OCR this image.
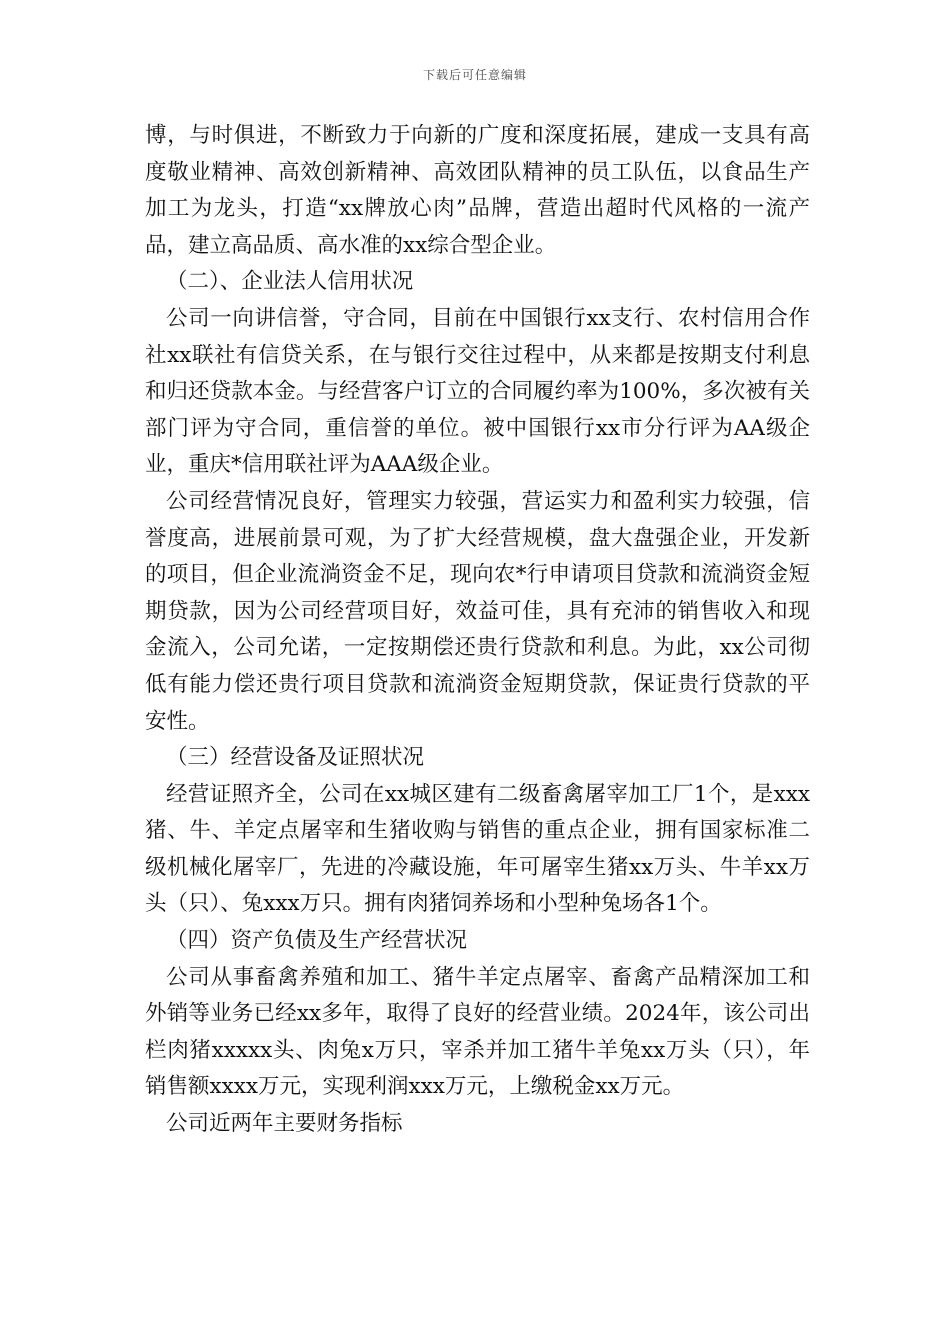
下载后可任意编辑

博，与时俱进，不断致力于向新的广度和深度拓展，建成一支具有高度敬业精神、高效创新精神、高效团队精神的员工队伍，以食品生产加工为龙头，打造“xx牌放心肉”品牌，营造出超时代风格的一流产品，建立高品质、高水准的xx综合型企业。

（二）、企业法人信用状况

公司一向讲信誉，守合同，目前在中国银行xx支行、农村信用合作社xx联社有信贷关系，在与银行交往过程中，从来都是按期支付利息和归还贷款本金。与经营客户订立的合同履约率为100%，多次被有关部门评为守合同，重信誉的单位。被中国银行xx市分行评为AA级企业，重庆*信用联社评为AAA级企业。

公司经营情况良好，管理实力较强，营运实力和盈利实力较强，信誉度高，进展前景可观，为了扩大经营规模，盘大盘强企业，开发新的项目，但企业流淌资金不足，现向农*行申请项目贷款和流淌资金短期贷款，因为公司经营项目好，效益可佳，具有充沛的销售收入和现金流入，公司允诺，一定按期偿还贵行贷款和利息。为此，xx公司彻低有能力偿还贵行项目贷款和流淌资金短期贷款，保证贵行贷款的平安性。

（三）经营设备及证照状况

经营证照齐全，公司在xx城区建有二级畜禽屠宰加工厂1个，是xxx猪、牛、羊定点屠宰和生猪收购与销售的重点企业，拥有国家标准二级机械化屠宰厂，先进的冷藏设施，年可屠宰生猪xx万头、牛羊xx万头（只）、兔xxx万只。拥有肉猪饲养场和小型种兔场各1个。

（四）资产负债及生产经营状况

公司从事畜禽养殖和加工、猪牛羊定点屠宰、畜禽产品精深加工和外销等业务已经xx多年，取得了良好的经营业绩。2024年，该公司出栏肉猪xxxxx头、肉兔x万只，宰杀并加工猪牛羊兔xx万头（只），年销售额xxxx万元，实现利润xxx万元，上缴税金xx万元。

公司近两年主要财务指标
